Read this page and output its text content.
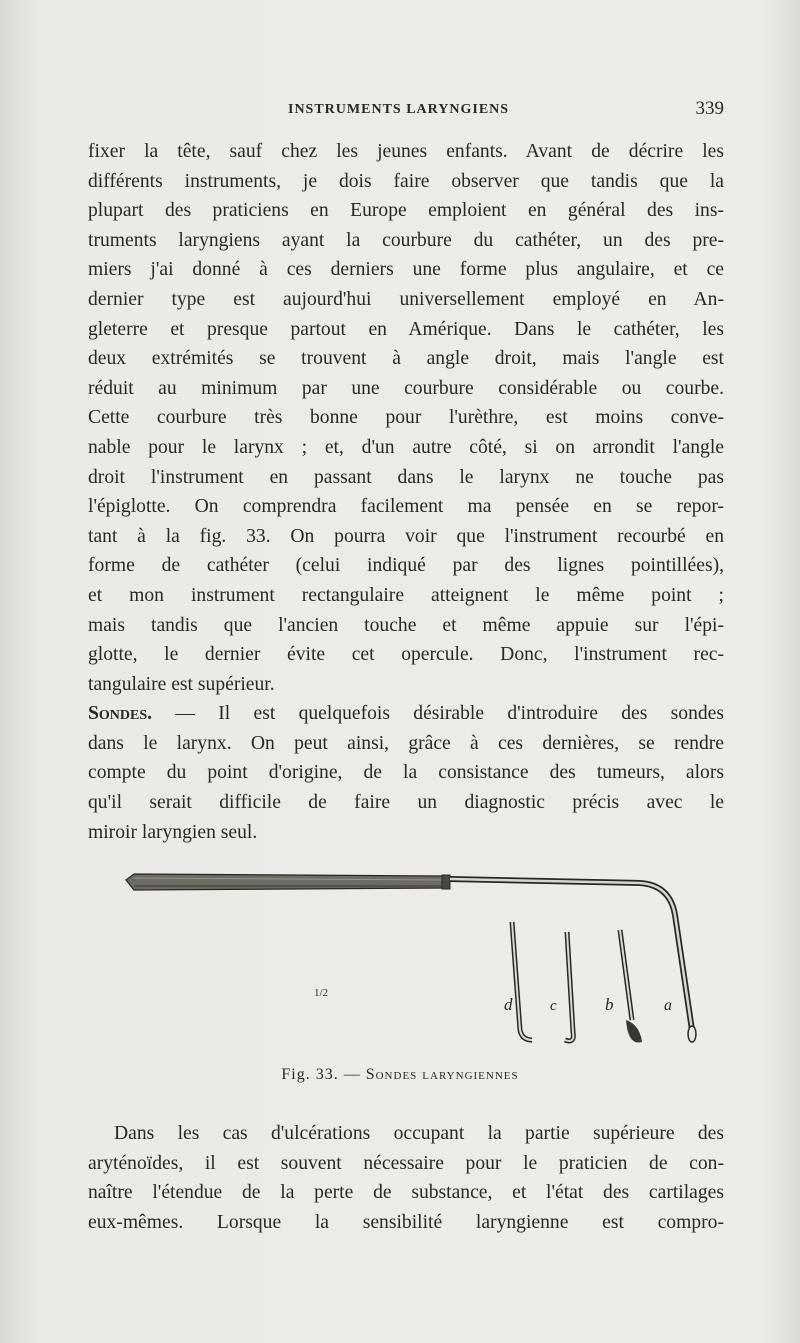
INSTRUMENTS LARYNGIENS	339
fixer la tête, sauf chez les jeunes enfants. Avant de décrire les
différents instruments, je dois faire observer que tandis que la
plupart des praticiens en Europe emploient en général des ins-
truments laryngiens ayant la courbure du cathéter, un des pre-
miers j'ai donné à ces derniers une forme plus angulaire, et ce
dernier type est aujourd'hui universellement employé en An-
gleterre et presque partout en Amérique. Dans le cathéter, les
deux extrémités se trouvent à angle droit, mais l'angle est
réduit au minimum par une courbure considérable ou courbe.
Cette courbure très bonne pour l'urèthre, est moins conve-
nable pour le larynx ; et, d'un autre côté, si on arrondit l'angle
droit l'instrument en passant dans le larynx ne touche pas
l'épiglotte. On comprendra facilement ma pensée en se repor-
tant à la fig. 33. On pourra voir que l'instrument recourbé en
forme de cathéter (celui indiqué par des lignes pointillées),
et mon instrument rectangulaire atteignent le même point ;
mais tandis que l'ancien touche et même appuie sur l'épi-
glotte, le dernier évite cet opercule. Donc, l'instrument rec-
tangulaire est supérieur.
Sondes. — Il est quelquefois désirable d'introduire des sondes
dans le larynx. On peut ainsi, grâce à ces dernières, se rendre
compte du point d'origine, de la consistance des tumeurs, alors
qu'il serait difficile de faire un diagnostic précis avec le
miroir laryngien seul.
d	c	b	a
1/2
Fig. 33. — Sondes laryngiennes
Dans les cas d'ulcérations occupant la partie supérieure des
aryténoïdes, il est souvent nécessaire pour le praticien de con-
naître l'étendue de la perte de substance, et l'état des cartilages
eux-mêmes. Lorsque la sensibilité laryngienne est compro-
